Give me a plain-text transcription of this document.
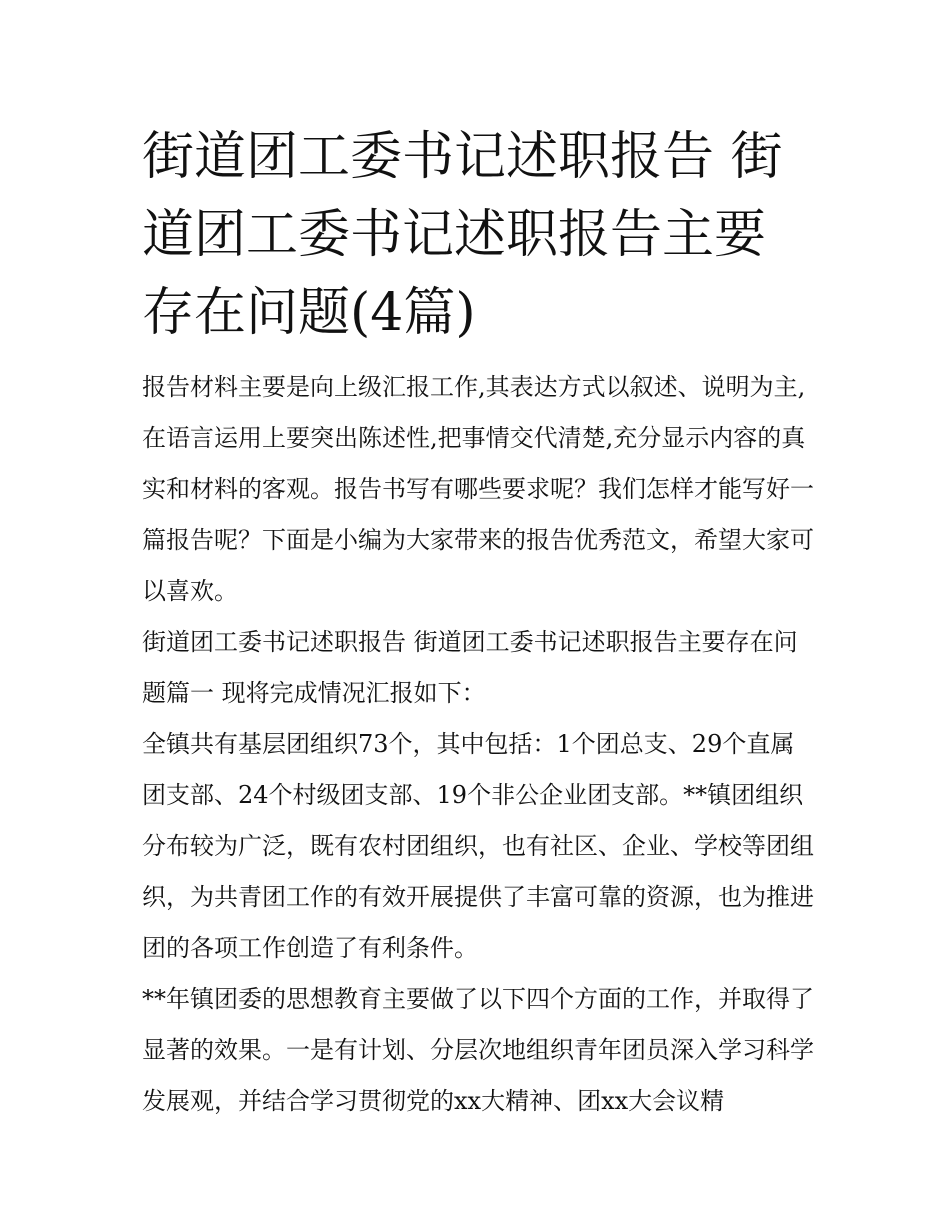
街道团工委书记述职报告 街道团工委书记述职报告主要存在问题(4篇)

报告材料主要是向上级汇报工作,其表达方式以叙述、说明为主,在语言运用上要突出陈述性,把事情交代清楚,充分显示内容的真实和材料的客观。报告书写有哪些要求呢？我们怎样才能写好一篇报告呢？下面是小编为大家带来的报告优秀范文，希望大家可以喜欢。

街道团工委书记述职报告 街道团工委书记述职报告主要存在问题篇一 现将完成情况汇报如下：

全镇共有基层团组织73个，其中包括：1个团总支、29个直属团支部、24个村级团支部、19个非公企业团支部。**镇团组织分布较为广泛，既有农村团组织，也有社区、企业、学校等团组织，为共青团工作的有效开展提供了丰富可靠的资源，也为推进团的各项工作创造了有利条件。

**年镇团委的思想教育主要做了以下四个方面的工作，并取得了显著的效果。一是有计划、分层次地组织青年团员深入学习科学发展观，并结合学习贯彻党的xx大精神、团xx大会议精
